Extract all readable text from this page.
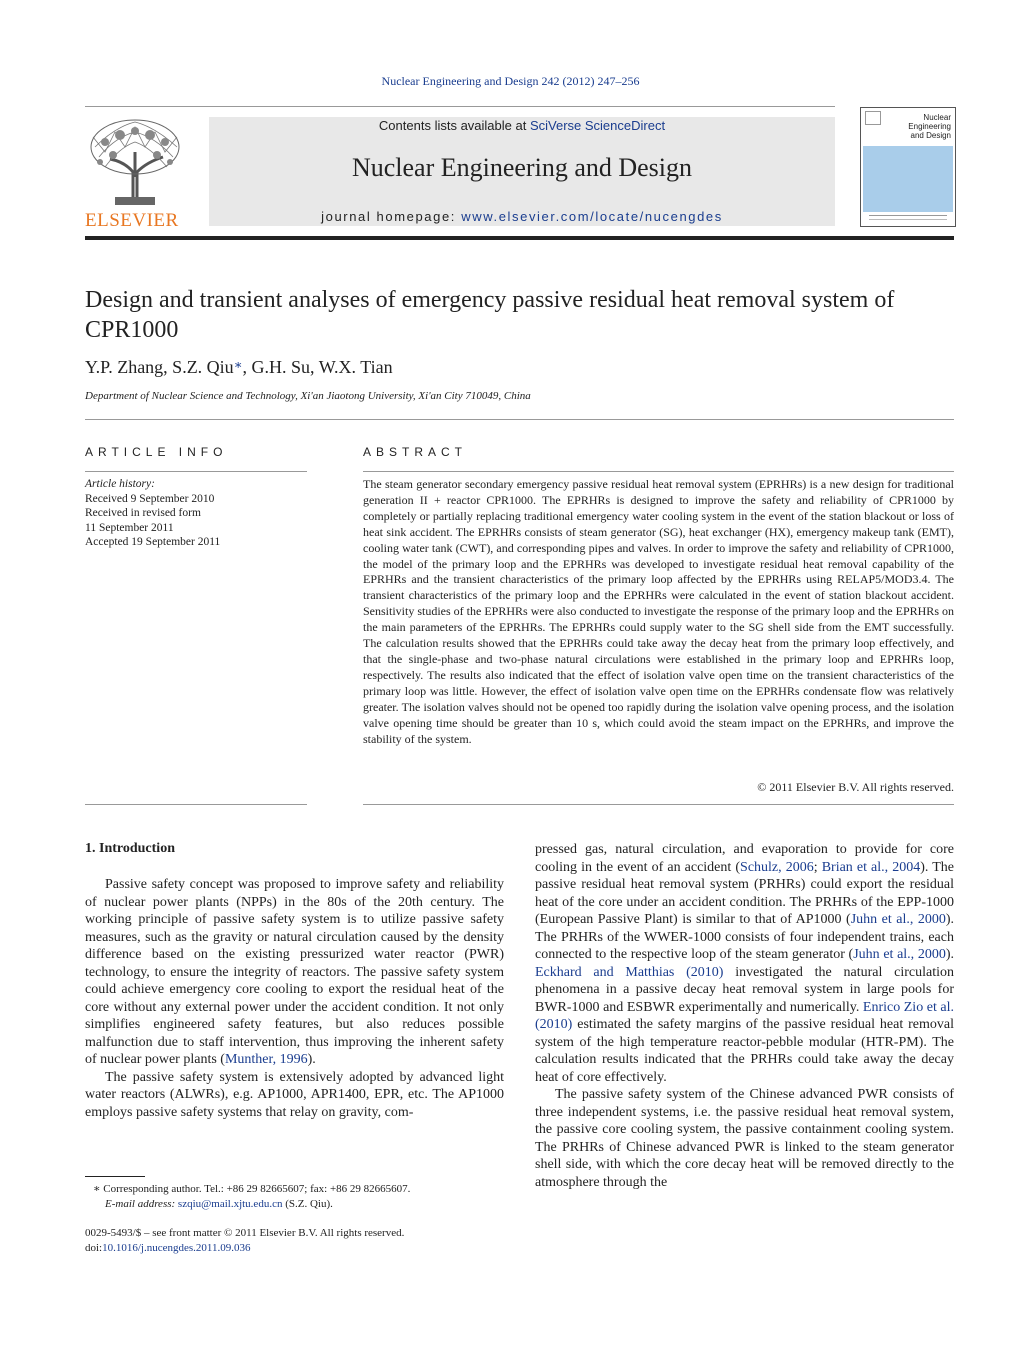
Nuclear Engineering and Design 242 (2012) 247–256
ELSEVIER
Contents lists available at SciVerse ScienceDirect
Nuclear Engineering and Design
journal homepage: www.elsevier.com/locate/nucengdes
Nuclear Engineering
and Design
Design and transient analyses of emergency passive residual heat removal system of CPR1000
Y.P. Zhang, S.Z. Qiu∗, G.H. Su, W.X. Tian
Department of Nuclear Science and Technology, Xi'an Jiaotong University, Xi'an City 710049, China
ARTICLE INFO
Article history:
Received 9 September 2010
Received in revised form
11 September 2011
Accepted 19 September 2011
ABSTRACT
The steam generator secondary emergency passive residual heat removal system (EPRHRs) is a new design for traditional generation II + reactor CPR1000. The EPRHRs is designed to improve the safety and reliability of CPR1000 by completely or partially replacing traditional emergency water cooling system in the event of the station blackout or loss of heat sink accident. The EPRHRs consists of steam generator (SG), heat exchanger (HX), emergency makeup tank (EMT), cooling water tank (CWT), and corresponding pipes and valves. In order to improve the safety and reliability of CPR1000, the model of the primary loop and the EPRHRs was developed to investigate residual heat removal capability of the EPRHRs and the transient characteristics of the primary loop affected by the EPRHRs using RELAP5/MOD3.4. The transient characteristics of the primary loop and the EPRHRs were calculated in the event of station blackout accident. Sensitivity studies of the EPRHRs were also conducted to investigate the response of the primary loop and the EPRHRs on the main parameters of the EPRHRs. The EPRHRs could supply water to the SG shell side from the EMT successfully. The calculation results showed that the EPRHRs could take away the decay heat from the primary loop effectively, and that the single-phase and two-phase natural circulations were established in the primary loop and EPRHRs loop, respectively. The results also indicated that the effect of isolation valve open time on the transient characteristics of the primary loop was little. However, the effect of isolation valve open time on the EPRHRs condensate flow was relatively greater. The isolation valves should not be opened too rapidly during the isolation valve opening process, and the isolation valve opening time should be greater than 10 s, which could avoid the steam impact on the EPRHRs, and improve the stability of the system.
© 2011 Elsevier B.V. All rights reserved.
1. Introduction

Passive safety concept was proposed to improve safety and reliability of nuclear power plants (NPPs) in the 80s of the 20th century. The working principle of passive safety system is to utilize passive safety measures, such as the gravity or natural circulation caused by the density difference based on the existing pressurized water reactor (PWR) technology, to ensure the integrity of reactors. The passive safety system could achieve emergency core cooling to export the residual heat of the core without any external power under the accident condition. It not only simplifies engineered safety features, but also reduces possible malfunction due to staff intervention, thus improving the inherent safety of nuclear power plants (Munther, 1996).

The passive safety system is extensively adopted by advanced light water reactors (ALWRs), e.g. AP1000, APR1400, EPR, etc. The AP1000 employs passive safety systems that relay on gravity, com-

pressed gas, natural circulation, and evaporation to provide for core cooling in the event of an accident (Schulz, 2006; Brian et al., 2004). The passive residual heat removal system (PRHRs) could export the residual heat of the core under an accident condition. The PRHRs of the EPP-1000 (European Passive Plant) is similar to that of AP1000 (Juhn et al., 2000). The PRHRs of the WWER-1000 consists of four independent trains, each connected to the respective loop of the steam generator (Juhn et al., 2000). Eckhard and Matthias (2010) investigated the natural circulation phenomena in a passive decay heat removal system in large pools for BWR-1000 and ESBWR experimentally and numerically. Enrico Zio et al. (2010) estimated the safety margins of the passive residual heat removal system of the high temperature reactor-pebble modular (HTR-PM). The calculation results indicated that the PRHRs could take away the decay heat of core effectively.

The passive safety system of the Chinese advanced PWR consists of three independent systems, i.e. the passive residual heat removal system, the passive core cooling system, the passive containment cooling system. The PRHRs of Chinese advanced PWR is linked to the steam generator shell side, with which the core decay heat will be removed directly to the atmosphere through the

∗ Corresponding author. Tel.: +86 29 82665607; fax: +86 29 82665607.
E-mail address: szqiu@mail.xjtu.edu.cn (S.Z. Qiu).
0029-5493/$ – see front matter © 2011 Elsevier B.V. All rights reserved.
doi:10.1016/j.nucengdes.2011.09.036
